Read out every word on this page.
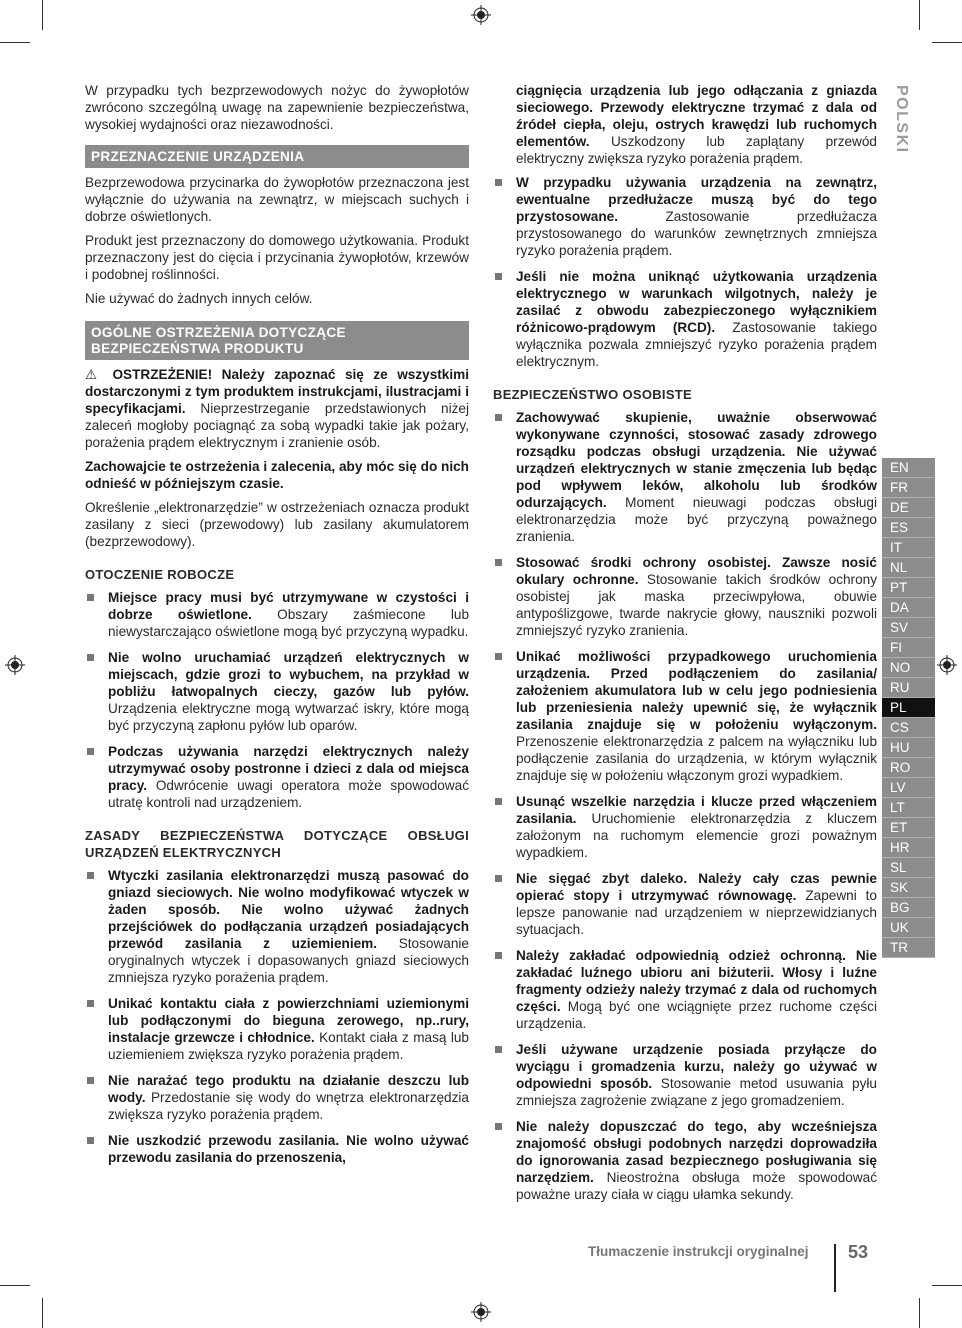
POLSKI

W przypadku tych bezprzewodowych nożyc do żywopłotów zwrócono szczególną uwagę na zapewnienie bezpieczeństwa, wysokiej wydajności oraz niezawodności.

PRZEZNACZENIE URZĄDZENIA

Bezprzewodowa przycinarka do żywopłotów przeznaczona jest wyłącznie do używania na zewnątrz, w miejscach suchych i dobrze oświetlonych.

Produkt jest przeznaczony do domowego użytkowania. Produkt przeznaczony jest do cięcia i przycinania żywopłotów, krzewów i podobnej roślinności.

Nie używać do żadnych innych celów.

OGÓLNE OSTRZEŻENIA DOTYCZĄCE BEZPIECZEŃSTWA PRODUKTU

⚠ OSTRZEŻENIE! Należy zapoznać się ze wszystkimi dostarczonymi z tym produktem instrukcjami, ilustracjami i specyfikacjami. Nieprzestrzeganie przedstawionych niżej zaleceń mogłoby pociagnąć za sobą wypadki takie jak pożary, porażenia prądem elektrycznym i zranienie osób.

Zachowajcie te ostrzeżenia i zalecenia, aby móc się do nich odnieść w późniejszym czasie.

Określenie „elektronarzędzie” w ostrzeżeniach oznacza produkt zasilany z sieci (przewodowy) lub zasilany akumulatorem (bezprzewodowy).

OTOCZENIE ROBOCZE
Miejsce pracy musi być utrzymywane w czystości i dobrze oświetlone. Obszary zaśmiecone lub niewystarczająco oświetlone mogą być przyczyną wypadku.
Nie wolno uruchamiać urządzeń elektrycznych w miejscach, gdzie grozi to wybuchem, na przykład w pobliżu łatwopalnych cieczy, gazów lub pyłów. Urządzenia elektryczne mogą wytwarzać iskry, które mogą być przyczyną zapłonu pyłów lub oparów.
Podczas używania narzędzi elektrycznych należy utrzymywać osoby postronne i dzieci z dala od miejsca pracy. Odwrócenie uwagi operatora może spowodować utratę kontroli nad urządzeniem.
ZASADY BEZPIECZEŃSTWA DOTYCZĄCE OBSŁUGI URZĄDZEŃ ELEKTRYCZNYCH
Wtyczki zasilania elektronarzędzi muszą pasować do gniazd sieciowych. Nie wolno modyfikować wtyczek w żaden sposób. Nie wolno używać żadnych przejściówek do podłączania urządzeń posiadających przewód zasilania z uziemieniem. Stosowanie oryginalnych wtyczek i dopasowanych gniazd sieciowych zmniejsza ryzyko porażenia prądem.
Unikać kontaktu ciała z powierzchniami uziemionymi lub podłączonymi do bieguna zerowego, np..rury, instalacje grzewcze i chłodnice. Kontakt ciała z masą lub uziemieniem zwiększa ryzyko porażenia prądem.
Nie narażać tego produktu na działanie deszczu lub wody. Przedostanie się wody do wnętrza elektronarzędzia zwiększa ryzyko porażenia prądem.
Nie uszkodzić przewodu zasilania. Nie wolno używać przewodu zasilania do przenoszenia,

ciągnięcia urządzenia lub jego odłączania z gniazda sieciowego. Przewody elektryczne trzymać z dala od źródeł ciepła, oleju, ostrych krawędzi lub ruchomych elementów. Uszkodzony lub zaplątany przewód elektryczny zwiększa ryzyko porażenia prądem.

W przypadku używania urządzenia na zewnątrz, ewentualne przedłużacze muszą być do tego przystosowane. Zastosowanie przedłużacza przystosowanego do warunków zewnętrznych zmniejsza ryzyko porażenia prądem.
Jeśli nie można uniknąć użytkowania urządzenia elektrycznego w warunkach wilgotnych, należy je zasilać z obwodu zabezpieczonego wyłącznikiem różnicowo-prądowym (RCD). Zastosowanie takiego wyłącznika pozwala zmniejszyć ryzyko porażenia prądem elektrycznym.
BEZPIECZEŃSTWO OSOBISTE
Zachowywać skupienie, uważnie obserwować wykonywane czynności, stosować zasady zdrowego rozsądku podczas obsługi urządzenia. Nie używać urządzeń elektrycznych w stanie zmęczenia lub będąc pod wpływem leków, alkoholu lub środków odurzających. Moment nieuwagi podczas obsługi elektronarzędzia może być przyczyną poważnego zranienia.
Stosować środki ochrony osobistej. Zawsze nosić okulary ochronne. Stosowanie takich środków ochrony osobistej jak maska przeciwpyłowa, obuwie antypoślizgowe, twarde nakrycie głowy, nauszniki pozwoli zmniejszyć ryzyko zranienia.
Unikać możliwości przypadkowego uruchomienia urządzenia. Przed podłączeniem do zasilania/ założeniem akumulatora lub w celu jego podniesienia lub przeniesienia należy upewnić się, że wyłącznik zasilania znajduje się w położeniu wyłączonym. Przenoszenie elektronarzędzia z palcem na wyłączniku lub podłączenie zasilania do urządzenia, w którym wyłącznik znajduje się w położeniu włączonym grozi wypadkiem.
Usunąć wszelkie narzędzia i klucze przed włączeniem zasilania. Uruchomienie elektronarzędzia z kluczem założonym na ruchomym elemencie grozi poważnym wypadkiem.
Nie sięgać zbyt daleko. Należy cały czas pewnie opierać stopy i utrzymywać równowagę. Zapewni to lepsze panowanie nad urządzeniem w nieprzewidzianych sytuacjach.
Należy zakładać odpowiednią odzież ochronną. Nie zakładać luźnego ubioru ani biżuterii. Włosy i luźne fragmenty odzieży należy trzymać z dala od ruchomych części. Mogą być one wciągnięte przez ruchome części urządzenia.
Jeśli używane urządzenie posiada przyłącze do wyciągu i gromadzenia kurzu, należy go używać w odpowiedni sposób. Stosowanie metod usuwania pyłu zmniejsza zagrożenie związane z jego gromadzeniem.
Nie należy dopuszczać do tego, aby wcześniejsza znajomość obsługi podobnych narzędzi doprowadziła do ignorowania zasad bezpiecznego posługiwania się narzędziem. Nieostrożna obsługa może spowodować poważne urazy ciała w ciągu ułamka sekundy.
EN
FR
DE
ES
IT
NL
PT
DA
SV
FI
NO
RU
PL
CS
HU
RO
LV
LT
ET
HR
SL
SK
BG
UK
TR
Tłumaczenie instrukcji oryginalnej 53
